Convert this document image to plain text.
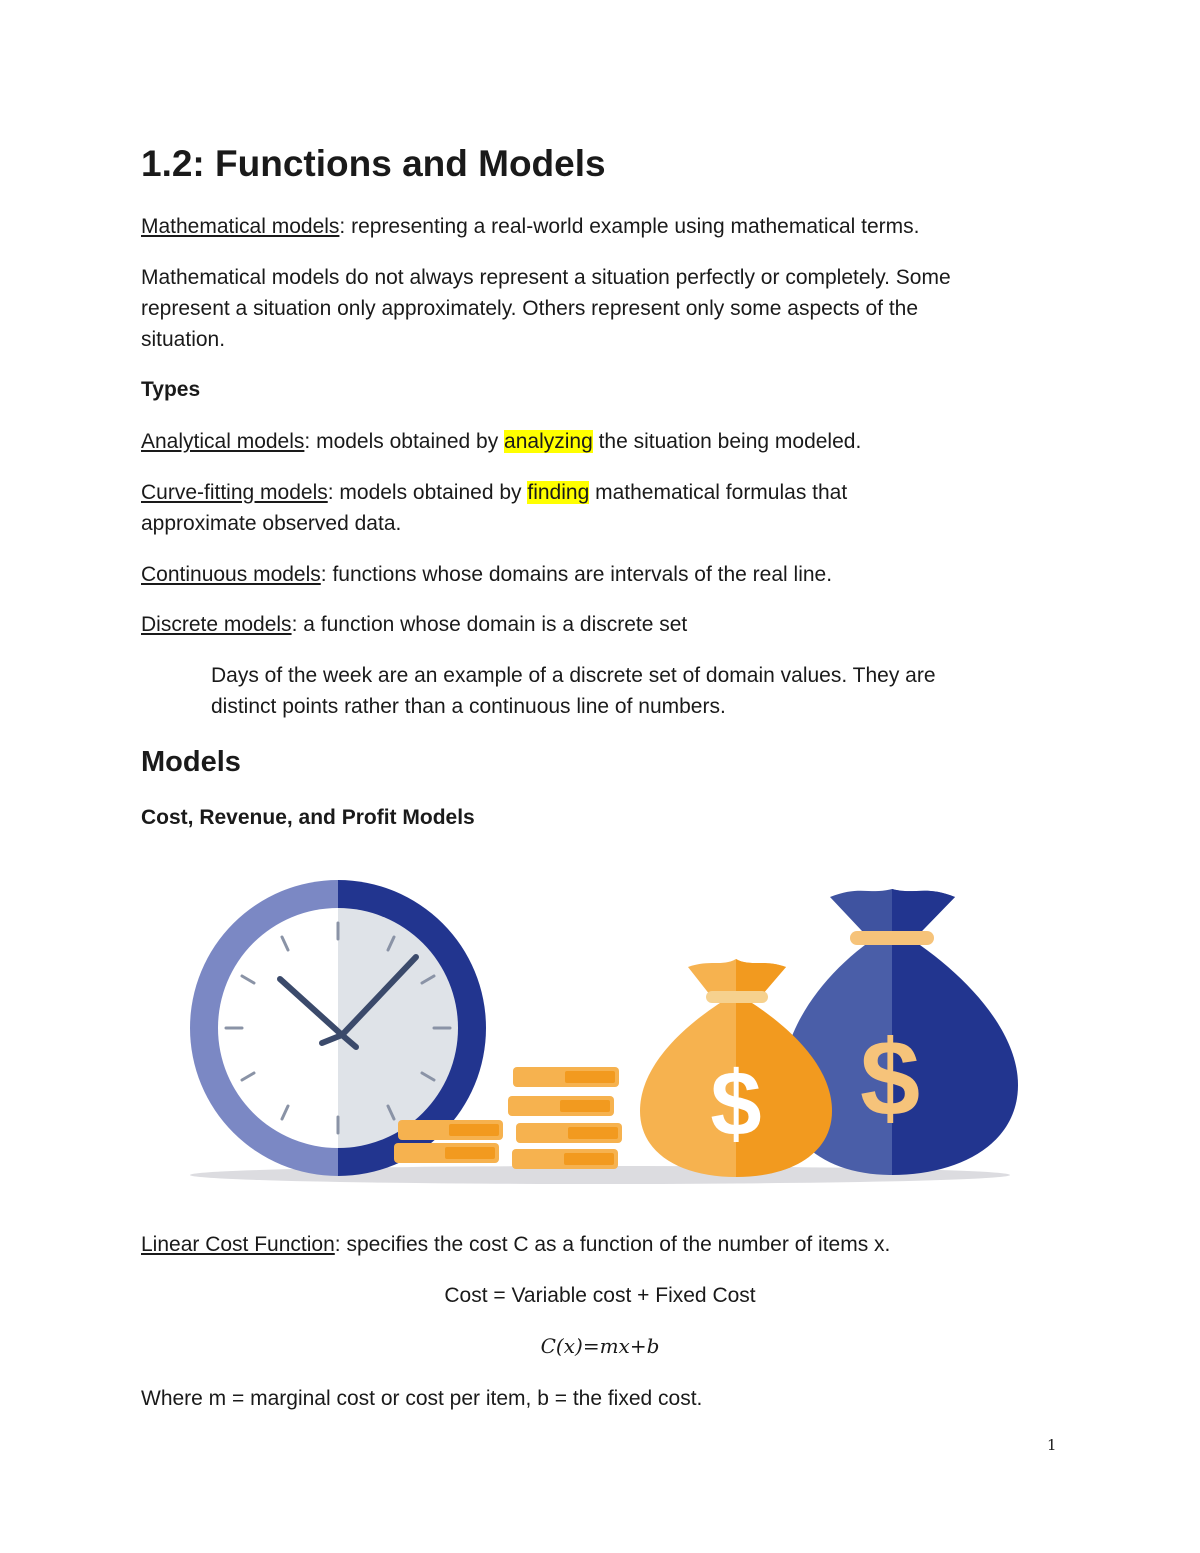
1.2: Functions and Models

Mathematical models: representing a real-world example using mathematical terms.

Mathematical models do not always represent a situation perfectly or completely. Some
represent a situation only approximately. Others represent only some aspects of the
situation.
Types

Analytical models: models obtained by analyzing the situation being modeled.

Curve-fitting models: models obtained by finding mathematical formulas that
approximate observed data.

Continuous models: functions whose domains are intervals of the real line.

Discrete models: a function whose domain is a discrete set

Days of the week are an example of a discrete set of domain values. They are
distinct points rather than a continuous line of numbers.
Models
Cost, Revenue, and Profit Models
$
$

Linear Cost Function: specifies the cost C as a function of the number of items x.

Cost = Variable cost + Fixed Cost
C(x)=mx+b

Where m = marginal cost or cost per item, b = the fixed cost.

1
